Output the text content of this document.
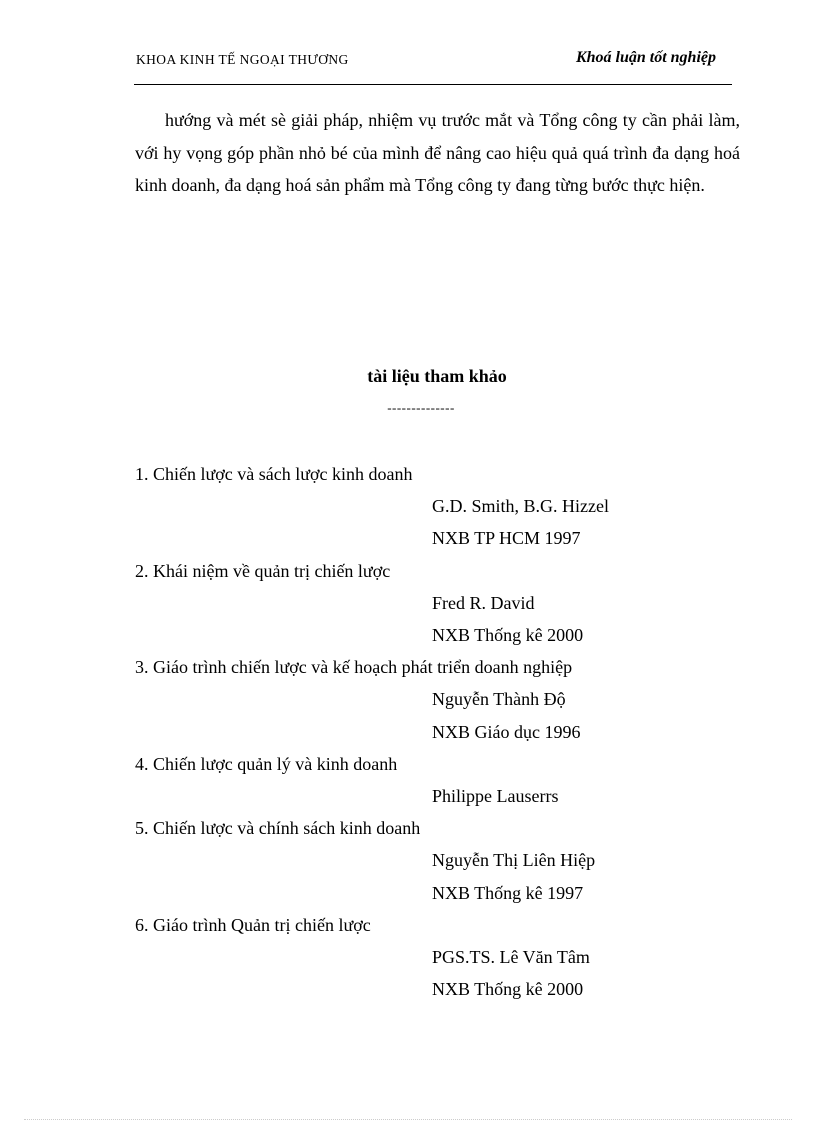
KHOA KINH TẾ NGOẠI THƯƠNG	Khoá luận tốt nghiệp

hướng và mét sè giải pháp, nhiệm vụ trước mắt và Tổng công ty cần phải làm, với hy vọng góp phần nhỏ bé của mình để nâng cao hiệu quả quá trình đa dạng hoá kinh doanh, đa dạng hoá sản phẩm mà Tổng công ty đang từng bước thực hiện.

tài liệu tham khảo
--------------
1. Chiến lược và sách lược kinh doanh
G.D. Smith, B.G. Hizzel
NXB TP HCM 1997
2. Khái niệm về quản trị chiến lược
Fred R. David
NXB Thống kê 2000
3. Giáo trình chiến lược và kế hoạch phát triển doanh nghiệp
Nguyễn Thành Độ
NXB Giáo dục 1996
4. Chiến lược quản lý và kinh doanh
Philippe Lauserrs
5. Chiến lược và chính sách kinh doanh
Nguyễn Thị Liên Hiệp
NXB Thống kê 1997
6. Giáo trình Quản trị chiến lược
PGS.TS. Lê Văn Tâm
NXB Thống kê 2000
